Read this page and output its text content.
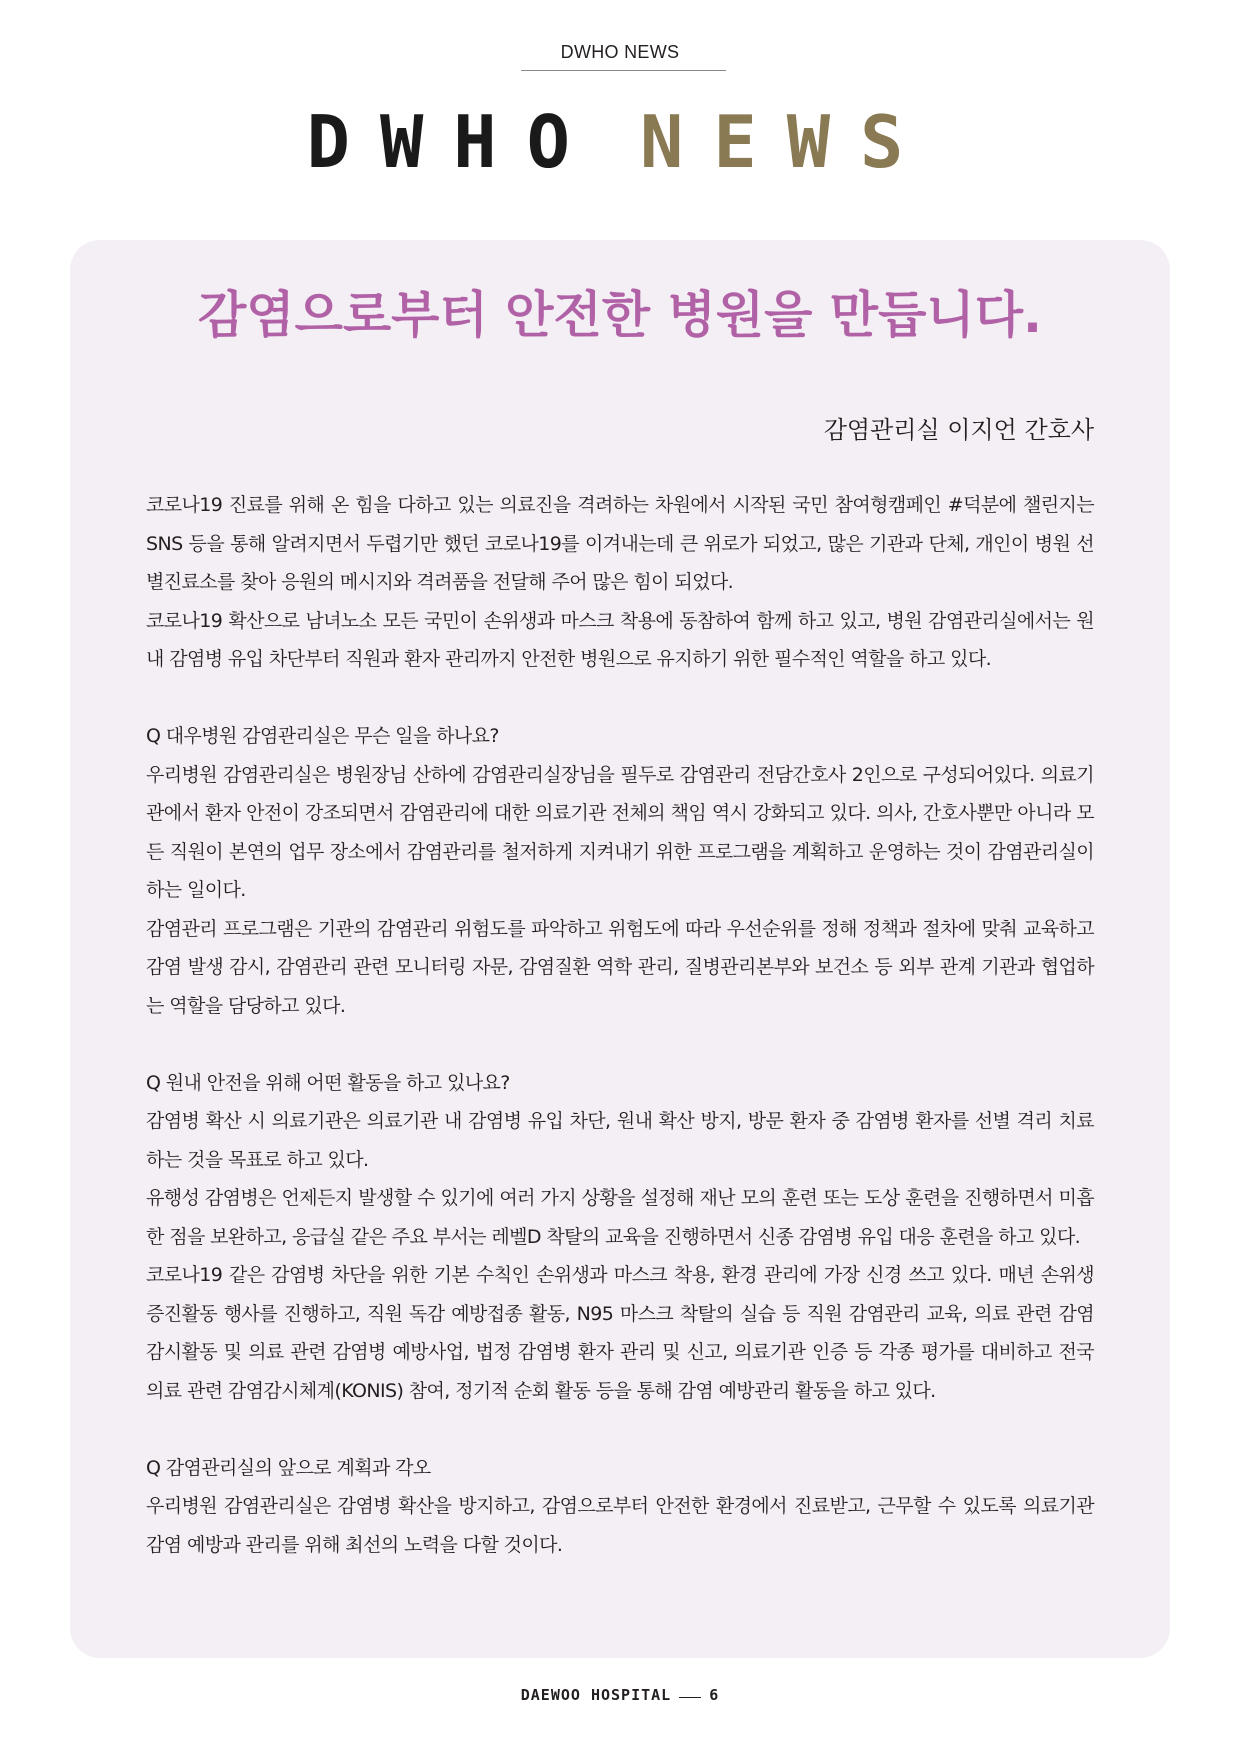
DWHO NEWS
DWHO NEWS
감염으로부터 안전한 병원을 만듭니다.
감염관리실 이지언 간호사

코로나19 진료를 위해 온 힘을 다하고 있는 의료진을 격려하는 차원에서 시작된 국민 참여형캠페인 #덕분에 챌린지는 SNS 등을 통해 알려지면서 두렵기만 했던 코로나19를 이겨내는데 큰 위로가 되었고, 많은 기관과 단체, 개인이 병원 선별진료소를 찾아 응원의 메시지와 격려품을 전달해 주어 많은 힘이 되었다.

코로나19 확산으로 남녀노소 모든 국민이 손위생과 마스크 착용에 동참하여 함께 하고 있고, 병원 감염관리실에서는 원내 감염병 유입 차단부터 직원과 환자 관리까지 안전한 병원으로 유지하기 위한 필수적인 역할을 하고 있다.

Q 대우병원 감염관리실은 무슨 일을 하나요?

우리병원 감염관리실은 병원장님 산하에 감염관리실장님을 필두로 감염관리 전담간호사 2인으로 구성되어있다. 의료기관에서 환자 안전이 강조되면서 감염관리에 대한 의료기관 전체의 책임 역시 강화되고 있다. 의사, 간호사뿐만 아니라 모든 직원이 본연의 업무 장소에서 감염관리를 철저하게 지켜내기 위한 프로그램을 계획하고 운영하는 것이 감염관리실이 하는 일이다.

감염관리 프로그램은 기관의 감염관리 위험도를 파악하고 위험도에 따라 우선순위를 정해 정책과 절차에 맞춰 교육하고 감염 발생 감시, 감염관리 관련 모니터링 자문, 감염질환 역학 관리, 질병관리본부와 보건소 등 외부 관계 기관과 협업하는 역할을 담당하고 있다.

Q 원내 안전을 위해 어떤 활동을 하고 있나요?

감염병 확산 시 의료기관은 의료기관 내 감염병 유입 차단, 원내 확산 방지, 방문 환자 중 감염병 환자를 선별 격리 치료하는 것을 목표로 하고 있다.

유행성 감염병은 언제든지 발생할 수 있기에 여러 가지 상황을 설정해 재난 모의 훈련 또는 도상 훈련을 진행하면서 미흡한 점을 보완하고, 응급실 같은 주요 부서는 레벨D 착탈의 교육을 진행하면서 신종 감염병 유입 대응 훈련을 하고 있다.

코로나19 같은 감염병 차단을 위한 기본 수칙인 손위생과 마스크 착용, 환경 관리에 가장 신경 쓰고 있다. 매년 손위생 증진활동 행사를 진행하고, 직원 독감 예방접종 활동, N95 마스크 착탈의 실습 등 직원 감염관리 교육, 의료 관련 감염 감시활동 및 의료 관련 감염병 예방사업, 법정 감염병 환자 관리 및 신고, 의료기관 인증 등 각종 평가를 대비하고 전국 의료 관련 감염감시체계(KONIS) 참여, 정기적 순회 활동 등을 통해 감염 예방관리 활동을 하고 있다.

Q 감염관리실의 앞으로 계획과 각오

우리병원 감염관리실은 감염병 확산을 방지하고, 감염으로부터 안전한 환경에서 진료받고, 근무할 수 있도록 의료기관 감염 예방과 관리를 위해 최선의 노력을 다할 것이다.

DAEWOO HOSPITAL	6
